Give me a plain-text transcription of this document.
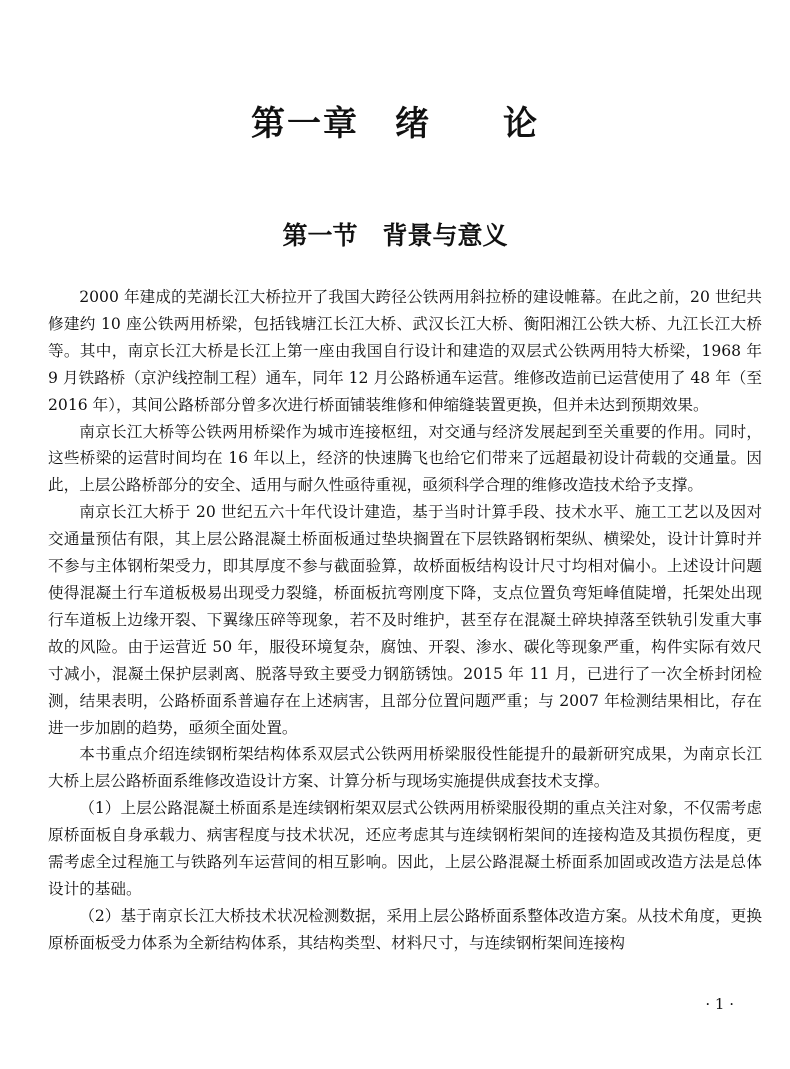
第一章　绪　　论
第一节　背景与意义

2000 年建成的芜湖长江大桥拉开了我国大跨径公铁两用斜拉桥的建设帷幕。在此之前，20 世纪共修建约 10 座公铁两用桥梁，包括钱塘江长江大桥、武汉长江大桥、衡阳湘江公铁大桥、九江长江大桥等。其中，南京长江大桥是长江上第一座由我国自行设计和建造的双层式公铁两用特大桥梁，1968 年 9 月铁路桥（京沪线控制工程）通车，同年 12 月公路桥通车运营。维修改造前已运营使用了 48 年（至 2016 年），其间公路桥部分曾多次进行桥面铺装维修和伸缩缝装置更换，但并未达到预期效果。

南京长江大桥等公铁两用桥梁作为城市连接枢纽，对交通与经济发展起到至关重要的作用。同时，这些桥梁的运营时间均在 16 年以上，经济的快速腾飞也给它们带来了远超最初设计荷载的交通量。因此，上层公路桥部分的安全、适用与耐久性亟待重视，亟须科学合理的维修改造技术给予支撑。

南京长江大桥于 20 世纪五六十年代设计建造，基于当时计算手段、技术水平、施工工艺以及因对交通量预估有限，其上层公路混凝土桥面板通过垫块搁置在下层铁路钢桁架纵、横梁处，设计计算时并不参与主体钢桁架受力，即其厚度不参与截面验算，故桥面板结构设计尺寸均相对偏小。上述设计问题使得混凝土行车道板极易出现受力裂缝，桥面板抗弯刚度下降，支点位置负弯矩峰值陡增，托架处出现行车道板上边缘开裂、下翼缘压碎等现象，若不及时维护，甚至存在混凝土碎块掉落至铁轨引发重大事故的风险。由于运营近 50 年，服役环境复杂，腐蚀、开裂、渗水、碳化等现象严重，构件实际有效尺寸减小，混凝土保护层剥离、脱落导致主要受力钢筋锈蚀。2015 年 11 月，已进行了一次全桥封闭检测，结果表明，公路桥面系普遍存在上述病害，且部分位置问题严重；与 2007 年检测结果相比，存在进一步加剧的趋势，亟须全面处置。

本书重点介绍连续钢桁架结构体系双层式公铁两用桥梁服役性能提升的最新研究成果，为南京长江大桥上层公路桥面系维修改造设计方案、计算分析与现场实施提供成套技术支撑。

（1）上层公路混凝土桥面系是连续钢桁架双层式公铁两用桥梁服役期的重点关注对象，不仅需考虑原桥面板自身承载力、病害程度与技术状况，还应考虑其与连续钢桁架间的连接构造及其损伤程度，更需考虑全过程施工与铁路列车运营间的相互影响。因此，上层公路混凝土桥面系加固或改造方法是总体设计的基础。

（2）基于南京长江大桥技术状况检测数据，采用上层公路桥面系整体改造方案。从技术角度，更换原桥面板受力体系为全新结构体系，其结构类型、材料尺寸，与连续钢桁架间连接构

· 1 ·
